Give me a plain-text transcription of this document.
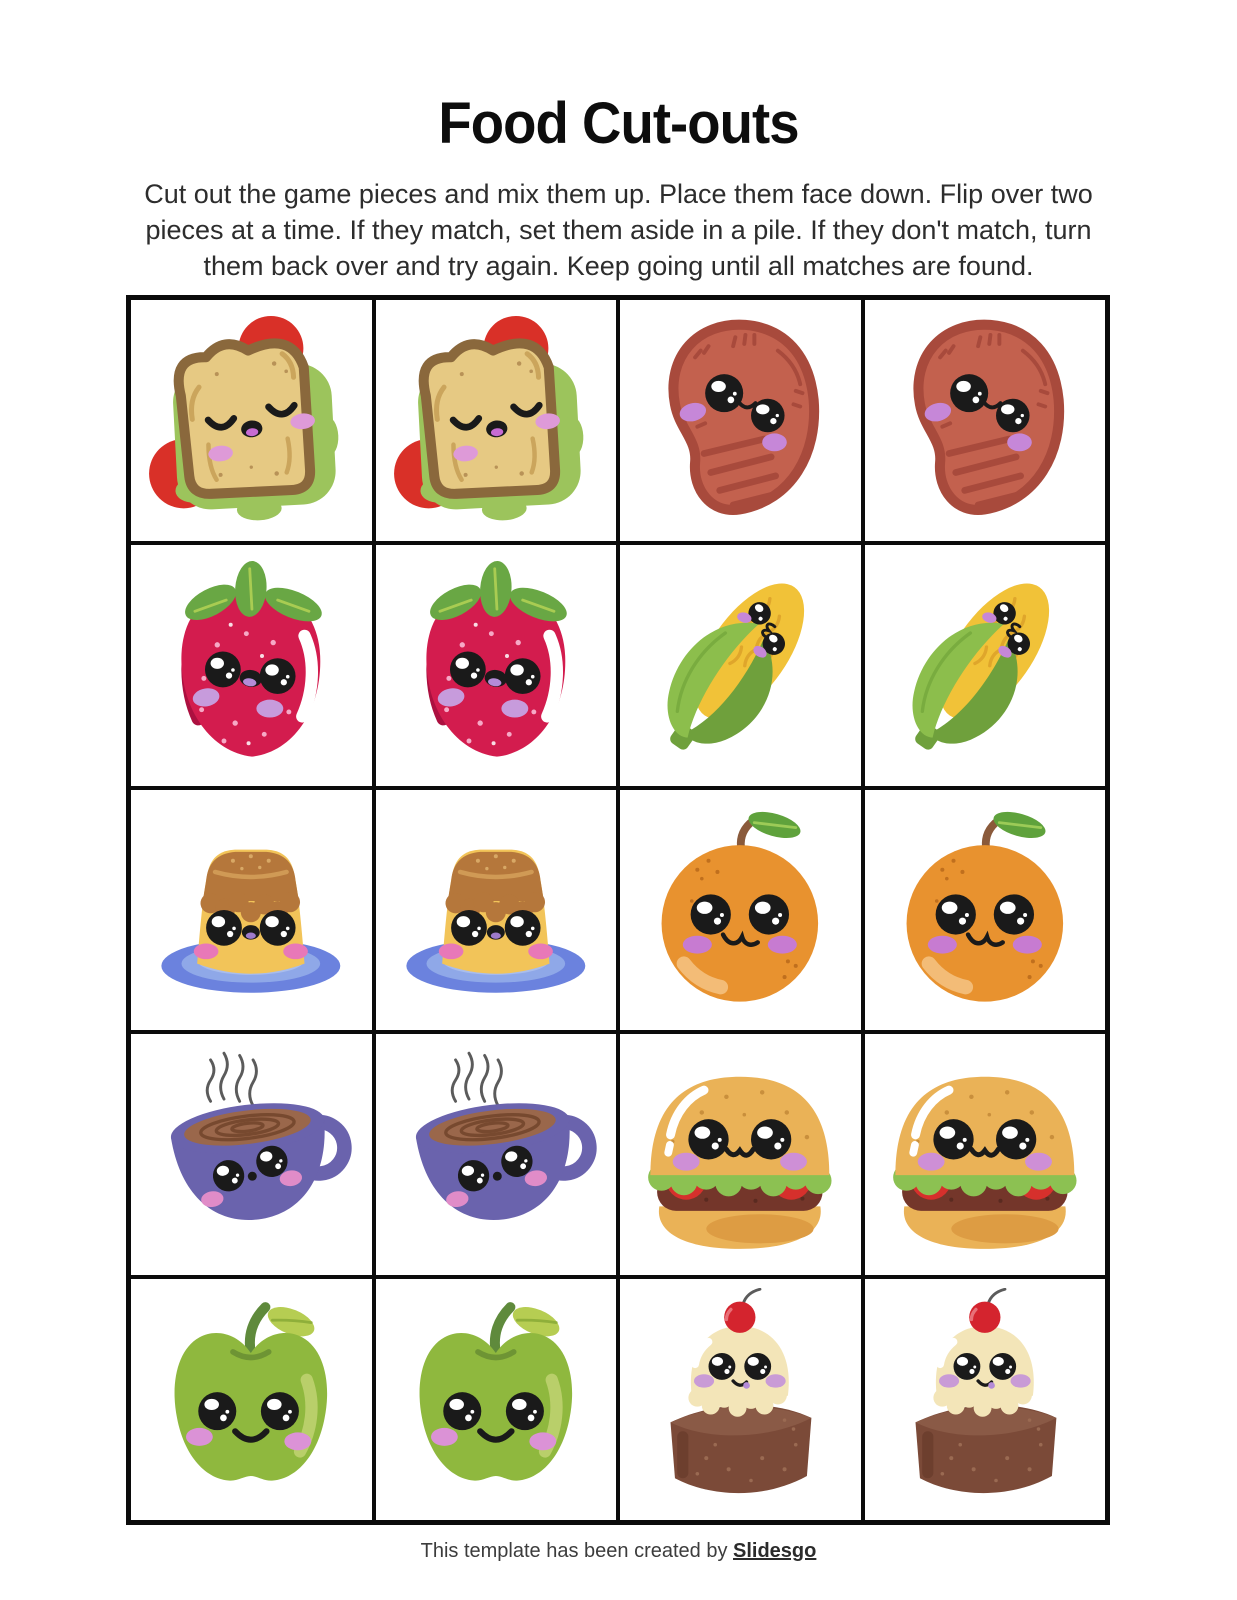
Food Cut-outs
Cut out the game pieces and mix them up. Place them face down. Flip over two
pieces at a time. If they match, set them aside in a pile. If they don't match, turn
them back over and try again. Keep going until all matches are found.
This template has been created by Slidesgo
